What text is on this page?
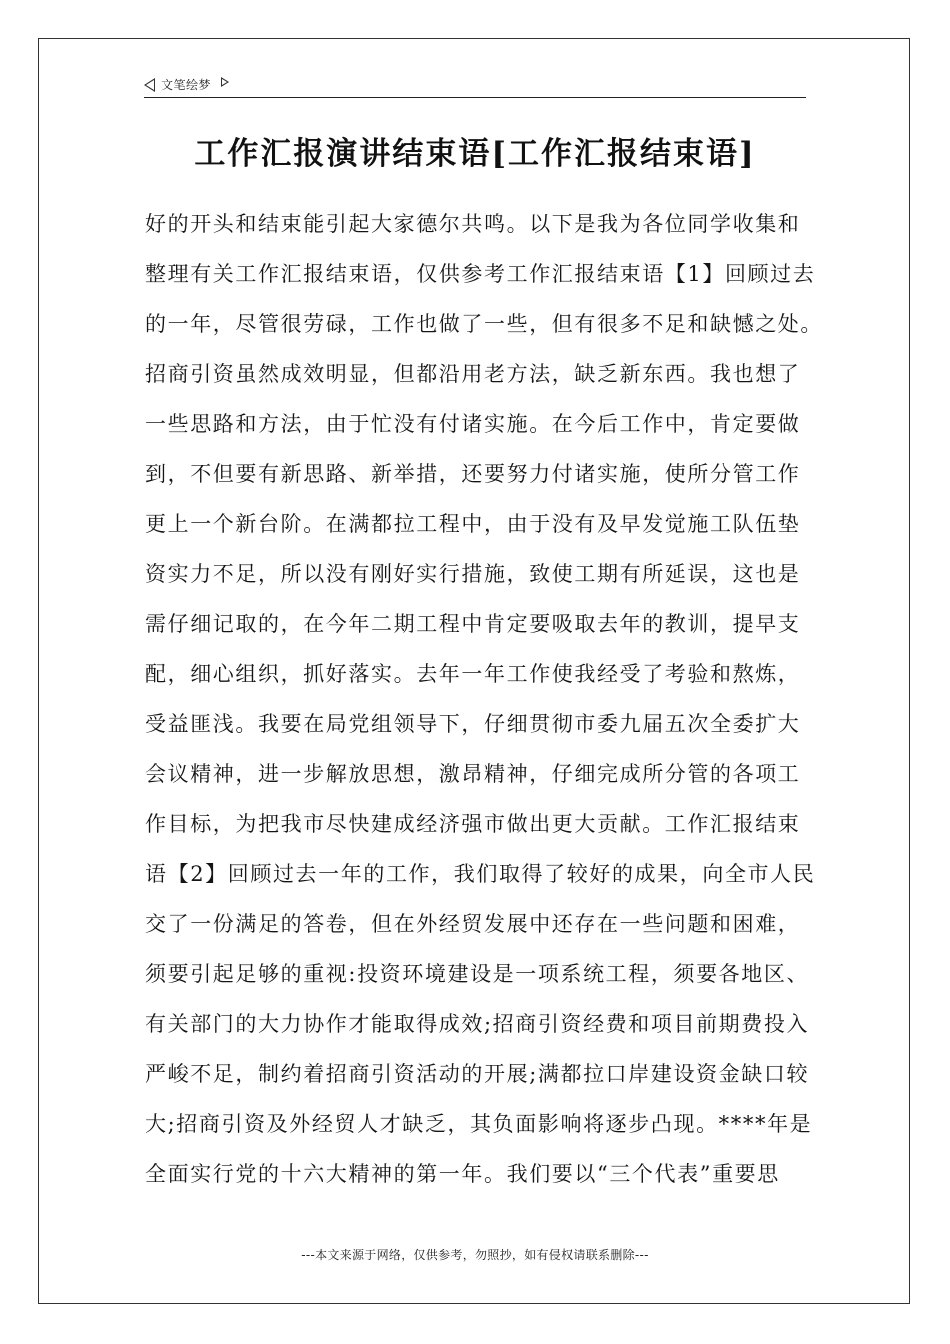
文笔绘梦
工作汇报演讲结束语[工作汇报结束语]
好的开头和结束能引起大家德尔共鸣。以下是我为各位同学收集和
整理有关工作汇报结束语，仅供参考工作汇报结束语【1】回顾过去
的一年，尽管很劳碌，工作也做了一些，但有很多不足和缺憾之处。
招商引资虽然成效明显，但都沿用老方法，缺乏新东西。我也想了
一些思路和方法，由于忙没有付诸实施。在今后工作中，肯定要做
到，不但要有新思路、新举措，还要努力付诸实施，使所分管工作
更上一个新台阶。在满都拉工程中，由于没有及早发觉施工队伍垫
资实力不足，所以没有刚好实行措施，致使工期有所延误，这也是
需仔细记取的，在今年二期工程中肯定要吸取去年的教训，提早支
配，细心组织，抓好落实。去年一年工作使我经受了考验和熬炼，
受益匪浅。我要在局党组领导下，仔细贯彻市委九届五次全委扩大
会议精神，进一步解放思想，激昂精神，仔细完成所分管的各项工
作目标，为把我市尽快建成经济强市做出更大贡献。工作汇报结束
语【2】回顾过去一年的工作，我们取得了较好的成果，向全市人民
交了一份满足的答卷，但在外经贸发展中还存在一些问题和困难，
须要引起足够的重视:投资环境建设是一项系统工程，须要各地区、
有关部门的大力协作才能取得成效;招商引资经费和项目前期费投入
严峻不足，制约着招商引资活动的开展;满都拉口岸建设资金缺口较
大;招商引资及外经贸人才缺乏，其负面影响将逐步凸现。****年是
全面实行党的十六大精神的第一年。我们要以“三个代表”重要思
---本文来源于网络，仅供参考，勿照抄，如有侵权请联系删除---
